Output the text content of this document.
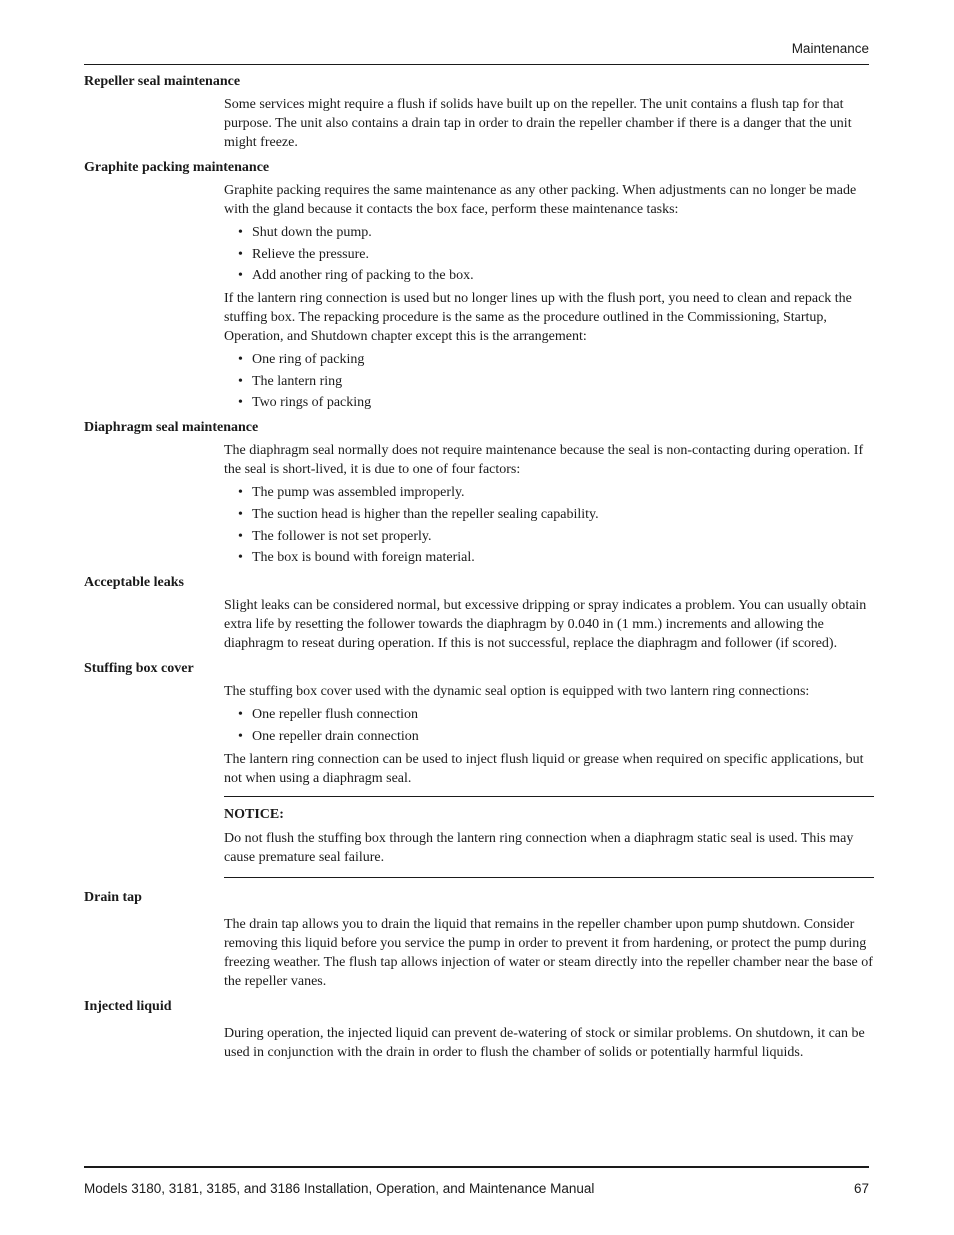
Maintenance
Repeller seal maintenance

Some services might require a flush if solids have built up on the repeller. The unit contains a flush tap for that purpose. The unit also contains a drain tap in order to drain the repeller chamber if there is a danger that the unit might freeze.

Graphite packing maintenance

Graphite packing requires the same maintenance as any other packing. When adjustments can no longer be made with the gland because it contacts the box face, perform these maintenance tasks:

• Shut down the pump.
• Relieve the pressure.
• Add another ring of packing to the box.

If the lantern ring connection is used but no longer lines up with the flush port, you need to clean and repack the stuffing box. The repacking procedure is the same as the procedure outlined in the Commissioning, Startup, Operation, and Shutdown chapter except this is the arrangement:

• One ring of packing
• The lantern ring
• Two rings of packing
Diaphragm seal maintenance

The diaphragm seal normally does not require maintenance because the seal is non-contacting during operation. If the seal is short-lived, it is due to one of four factors:

• The pump was assembled improperly.
• The suction head is higher than the repeller sealing capability.
• The follower is not set properly.
• The box is bound with foreign material.
Acceptable leaks

Slight leaks can be considered normal, but excessive dripping or spray indicates a problem. You can usually obtain extra life by resetting the follower towards the diaphragm by 0.040 in (1 mm.) increments and allowing the diaphragm to reseat during operation. If this is not successful, replace the diaphragm and follower (if scored).

Stuffing box cover

The stuffing box cover used with the dynamic seal option is equipped with two lantern ring connections:

• One repeller flush connection
• One repeller drain connection

The lantern ring connection can be used to inject flush liquid or grease when required on specific applications, but not when using a diaphragm seal.

NOTICE:

Do not flush the stuffing box through the lantern ring connection when a diaphragm static seal is used. This may cause premature seal failure.

Drain tap

The drain tap allows you to drain the liquid that remains in the repeller chamber upon pump shutdown. Consider removing this liquid before you service the pump in order to prevent it from hardening, or protect the pump during freezing weather. The flush tap allows injection of water or steam directly into the repeller chamber near the base of the repeller vanes.

Injected liquid

During operation, the injected liquid can prevent de-watering of stock or similar problems. On shutdown, it can be used in conjunction with the drain in order to flush the chamber of solids or potentially harmful liquids.

Models 3180, 3181, 3185, and 3186 Installation, Operation, and Maintenance Manual	67
